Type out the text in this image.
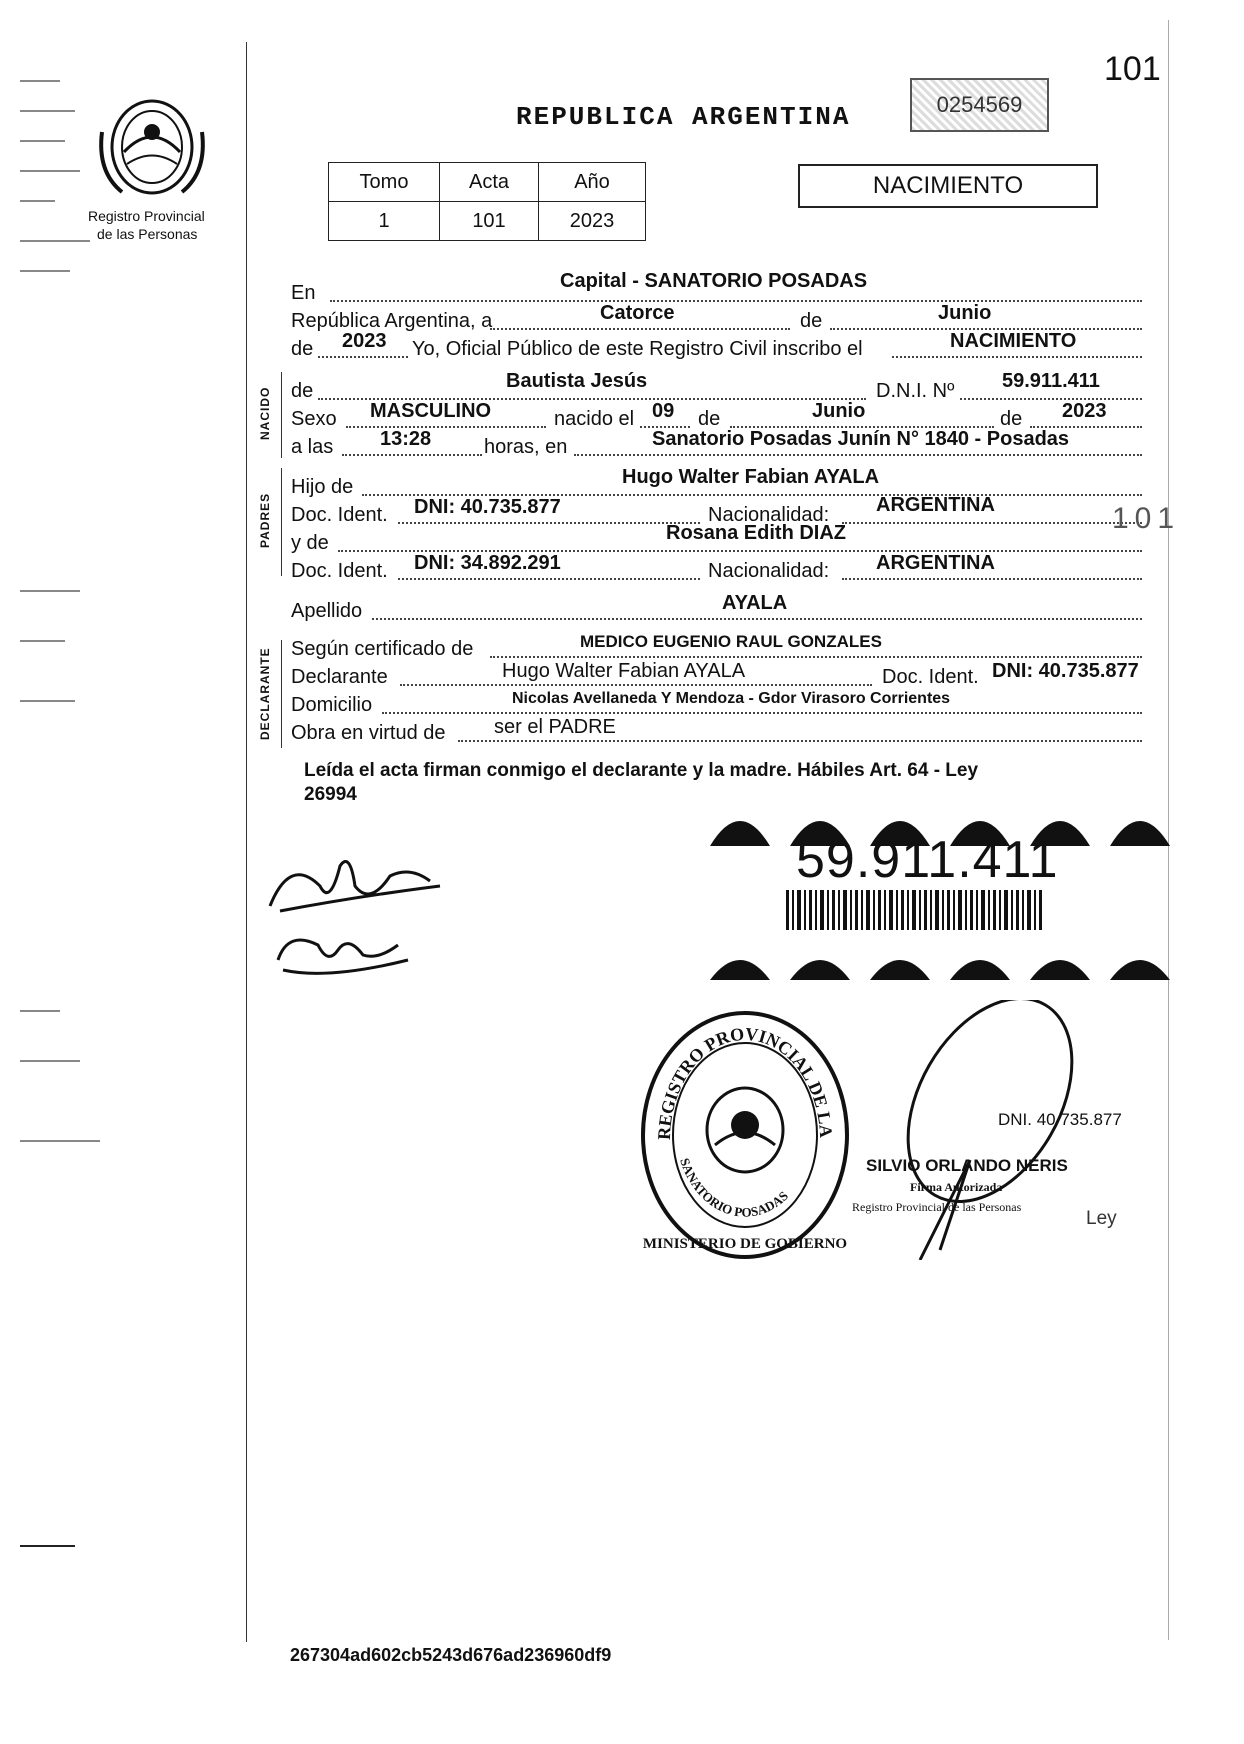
101
Registro Provincial
de las Personas
REPUBLICA ARGENTINA	0254569
Tomo	Acta	Año
1	101	2023
NACIMIENTO
En
Capital - SANATORIO POSADAS
República Argentina, a	Catorce	de	Junio
de 2023 Yo, Oficial Público de este Registro Civil inscribo el	NACIMIENTO
NACIDO de	Bautista Jesús	D.N.I. Nº 59.911.411
Sexo MASCULINO	nacido el 09 de	Junio	de 2023
a las 13:28	horas, en	Sanatorio Posadas Junín N° 1840 - Posadas
PADRES
Hijo de	Hugo Walter Fabian AYALA
Doc. Ident. DNI: 40.735.877	Nacionalidad: ARGENTINA	101
y de	Rosana Edith DIAZ
Doc. Ident. DNI: 34.892.291	Nacionalidad: ARGENTINA
Apellido	AYALA
DECLARANTE Según certificado de	MEDICO EUGENIO RAUL GONZALES
Declarante	Hugo Walter Fabian AYALA	Doc. Ident. DNI: 40.735.877
Domicilio	Nicolas Avellaneda Y Mendoza - Gdor Virasoro Corrientes
Obra en virtud de ser el PADRE
Leída el acta firman conmigo el declarante y la madre. Hábiles Art. 64 - Ley
26994
59.911.411
REGISTRO PROVINCIAL DE LA
SANATORIO POSADAS
MINISTERIO DE GOBIERNO
DNI. 40 735.877
SILVIO ORLANDO NERIS
Firma Autorizada
Registro Provincial de las Personas
Ley
267304ad602cb5243d676ad236960df9
